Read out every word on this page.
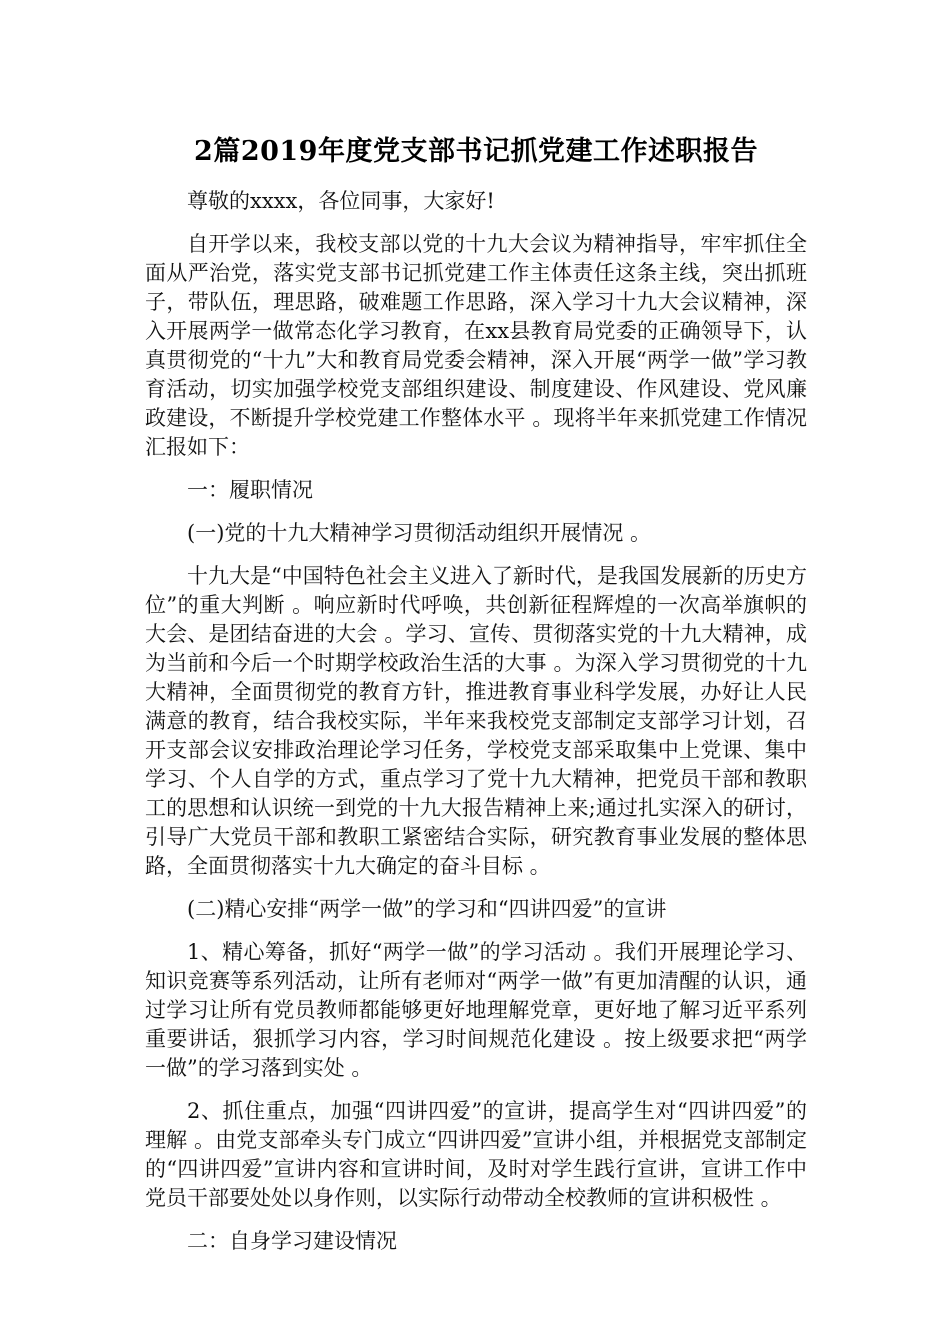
2篇2019年度党支部书记抓党建工作述职报告

尊敬的xxxx，各位同事，大家好!

自开学以来，我校支部以党的十九大会议为精神指导，牢牢抓住全面从严治党，落实党支部书记抓党建工作主体责任这条主线，突出抓班子，带队伍，理思路，破难题工作思路，深入学习十九大会议精神，深入开展两学一做常态化学习教育，在xx县教育局党委的正确领导下，认真贯彻党的“十九”大和教育局党委会精神，深入开展“两学一做”学习教育活动，切实加强学校党支部组织建设、制度建设、作风建设、党风廉政建设，不断提升学校党建工作整体水平 。现将半年来抓党建工作情况汇报如下：

一：履职情况

(一)党的十九大精神学习贯彻活动组织开展情况 。

十九大是“中国特色社会主义进入了新时代，是我国发展新的历史方位”的重大判断 。响应新时代呼唤，共创新征程辉煌的一次高举旗帜的大会、是团结奋进的大会 。学习、宣传、贯彻落实党的十九大精神，成为当前和今后一个时期学校政治生活的大事 。为深入学习贯彻党的十九大精神，全面贯彻党的教育方针，推进教育事业科学发展，办好让人民满意的教育，结合我校实际，半年来我校党支部制定支部学习计划，召开支部会议安排政治理论学习任务，学校党支部采取集中上党课、集中学习、个人自学的方式，重点学习了党十九大精神，把党员干部和教职工的思想和认识统一到党的十九大报告精神上来;通过扎实深入的研讨，引导广大党员干部和教职工紧密结合实际，研究教育事业发展的整体思路，全面贯彻落实十九大确定的奋斗目标 。

(二)精心安排“两学一做”的学习和“四讲四爱”的宣讲

1、精心筹备，抓好“两学一做”的学习活动 。我们开展理论学习、知识竞赛等系列活动，让所有老师对“两学一做”有更加清醒的认识，通过学习让所有党员教师都能够更好地理解党章，更好地了解习近平系列重要讲话，狠抓学习内容，学习时间规范化建设 。按上级要求把“两学一做”的学习落到实处 。

2、抓住重点，加强“四讲四爱”的宣讲，提高学生对“四讲四爱”的理解 。由党支部牵头专门成立“四讲四爱”宣讲小组，并根据党支部制定的“四讲四爱”宣讲内容和宣讲时间，及时对学生践行宣讲，宣讲工作中党员干部要处处以身作则，以实际行动带动全校教师的宣讲积极性 。

二：自身学习建设情况
